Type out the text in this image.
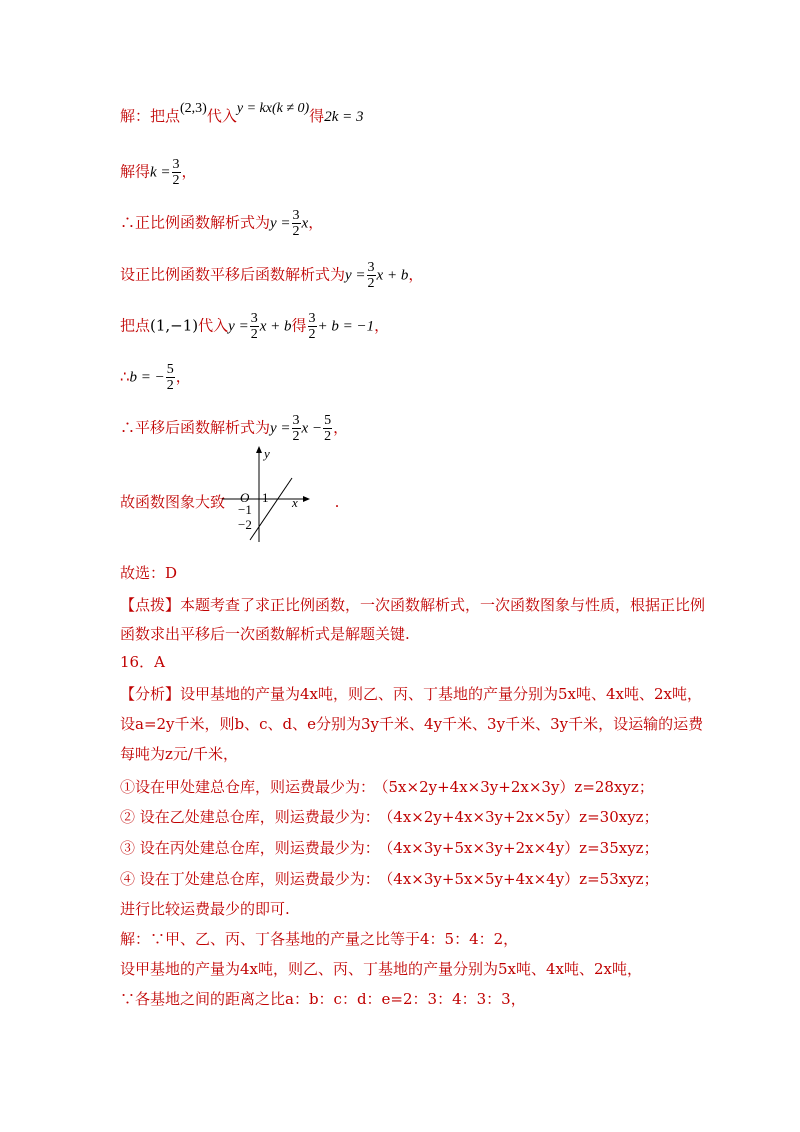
解：把点(2,3)代入y = kx(k ≠ 0)得2k = 3
解得$k = \frac{3}{2}$ ，
∴正比例函数解析式为$y = \frac{3}{2}$ x，
设正比例函数平移后函数解析式为$y = \frac{3}{2}$ x + b，
把点(1,−1)代入$y = \frac{3}{2}$ x + b得 $\frac{3}{2} + b = -1$，
∴b = − $\frac{5}{2}$ ，
∴平移后函数解析式为$y = \frac{3}{2}$ $x - \frac{5}{2}$ ，
故函数图象大致	.
y
x
O 1
−1
−2
故选：D
【点拨】本题考查了求正比例函数，一次函数解析式，一次函数图象与性质，根据正比例
函数求出平移后一次函数解析式是解题关键.
16．A
【分析】设甲基地的产量为4x吨，则乙、丙、丁基地的产量分别为5x吨、4x吨、2x吨，
设a=2y千米，则b、c、d、e分别为3y千米、4y千米、3y千米、3y千米，设运输的运费
每吨为z元/千米，
①设在甲处建总仓库，则运费最少为： （5x×2y+4x×3y+2x×3y）z=28xyz；
② 设在乙处建总仓库，则运费最少为： （4x×2y+4x×3y+2x×5y）z=30xyz；
③ 设在丙处建总仓库，则运费最少为： （4x×3y+5x×3y+2x×4y）z=35xyz；
④ 设在丁处建总仓库，则运费最少为： （4x×3y+5x×5y+4x×4y）z=53xyz；
进行比较运费最少的即可.
解：∵甲、乙、丙、丁各基地的产量之比等于4：5：4：2，
设甲基地的产量为4x吨，则乙、丙、丁基地的产量分别为5x吨、4x吨、2x吨，
∵各基地之间的距离之比a：b：c：d：e=2：3：4：3：3，
